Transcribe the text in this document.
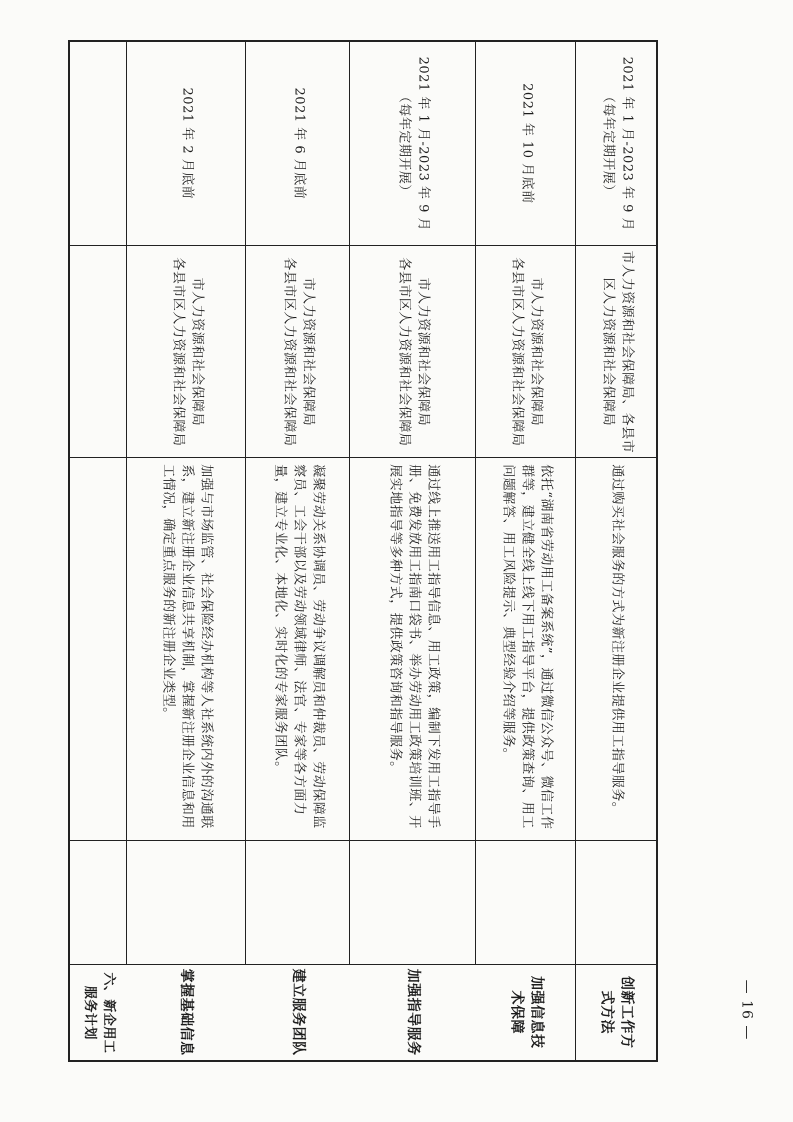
掌握基础信息
加强与市场监管、社会保险经办机构等人社系统内外的沟通联系，建立新注册企业信息共享机制，掌握新注册企业信息和用工情况，确定重点服务的新注册企业类型。
市人力资源和社会保障局
各县市区人力资源和社会保障局
2021 年 2 月底前
建立服务团队
凝聚劳动关系协调员、劳动争议调解员和仲裁员、劳动保障监察员、工会干部以及劳动领域律师、法官、专家等各方面力量，建立专业化、本地化、实时化的专家服务团队。
市人力资源和社会保障局
各县市区人力资源和社会保障局
2021 年 6 月底前
加强指导服务
通过线上推送用工指导信息、用工政策，编制下发用工指导手册、免费发放用工指南口袋书、举办劳动用工政策培训班、开展实地指导等多种方式，提供政策咨询和指导服务。
市人力资源和社会保障局
各县市区人力资源和社会保障局
2021 年 1 月-2023 年 9 月
（每年定期开展）
加强信息技术保障
依托“湖南省劳动用工备案系统”，通过微信公众号、微信工作群等，建立健全线上线下用工指导平台，提供政策查询、用工问题解答、用工风险提示、典型经验介绍等服务。
市人力资源和社会保障局
各县市区人力资源和社会保障局
2021 年 10 月底前
创新工作方式方法
通过购买社会服务的方式为新注册企业提供用工指导服务。
市人力资源和社会保障局、各县市区人力资源和社会保障局
2021 年 1 月-2023 年 9 月
（每年定期开展）
六、新企用工服务计划	— 16 —
